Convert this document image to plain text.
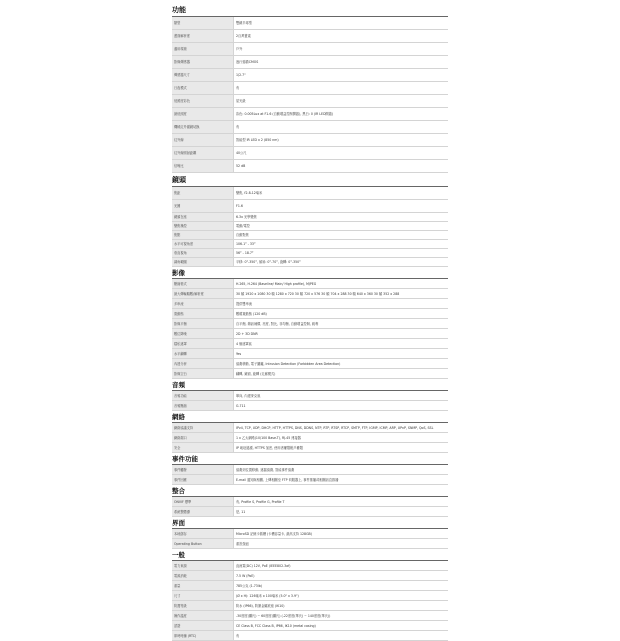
功能
類型	雙鏡半球型
畫面解析度	2百萬畫素
適用環境	戶外
影像傳感器	逐行掃描CMOS
傳感器尺寸	1/2.7"
日夜模式	有
低照度彩色	星光級
最低照度	彩色: 0.005Lux at F1.6 (自動增益控制開啟), 黑白: 0 (IR LED開啟)
機械紅外濾鏡切換	有
紅外線	智能型 IR LED x 2 (850 nm)
紅外線照射距離	40公尺
信噪比	52 dB
鏡頭
焦距	變焦, f2.8-12毫米
光圈	F1.6
鏡頭在座	6.3x 光學變焦
變焦操控	電動/電控
焦點	自動對焦
水平可視角度	106.1° - 33°
垂直視角	56° - 18.7°
調角範圍	平移: 0°-350°, 傾斜: 0°-70°, 旋轉: 0°-350°
影像
壓縮格式	H.265, H.264 (Baseline/ Main/ High profile), MJPEG
最大傳輸幀數/解析度	30 幀 1920 x 1080 30 幀 1280 x 720 30 幀 720 x 576 30 幀 704 x 288 30 幀 640 x 360 30 幀 352 x 288
多串流	提供雙串流
寬動態	數碼寬動態 (120 dB)
影像平衡	自平衡, 雜訊補償, 亮度, 對比, 非均衡, 自動增益控制, 銳利
數位降噪	2D + 3D DNR
隱私遮罩	4 個遮罩區
水平翻轉	Yes
內建分析	偵測移動, 電子圍籬, Intrusion Detection (Forbidden Area Detection)
影像空白	翻轉, 鏡面, 旋轉 (走廊模式)
音頻
音頻功能	單向, 內建麥克風
音頻壓縮	G.711
網絡
網絡協議支持	IPv4, TCP, UDP, DHCP, HTTP, HTTPS, DNS, DDNS, NTP, RTP, RTSP, RTCP, SMTP, FTP, IGMP, ICMP, ARP, UPnP, SNMP, QoS, SSL
網絡端口	1 x 乙太網路(10/100 Base-T), RJ-45 連接器
安全	IP 地址過濾, HTTPS 加密, 使用者權限帳戶權限
事件功能
事件觸發	偵測到位置移動, 遮擋偵測, 智能事件偵測
事件回應	E-mail 通知與相關, 上傳相關至 FTP 伺服器上, 事件推播或相關訊息推播
整合
ONVIF 標準	有, Profile S, Profile G, Profile T
系統整體優	是, 11
界面
本地儲存	MicroSD 記憶卡插槽 (卡槽容量卡, 最高支持 128GB)
Operating Button	重設按鈕
一般
電力來源	直流電(DC) 12V, PoE (IEEE802.3af)
電源消耗	7.5 W (PoE)
重量	785公克 (1.73lb)
尺寸	(Ø x H): 126毫米 x 100毫米 (5.0" x 3.9")
防護等級	防水 (IP66), 防暴金屬底座 (IK10)
操作溫度	-30度度(攝氏) ~ 60度度(攝氏) (-22度度(華氏) ~ 140度度(華氏))
認證	CE Class B, FCC Class B, IP66, IK10 (metal casing)
即時時鐘 (RTC)	有
